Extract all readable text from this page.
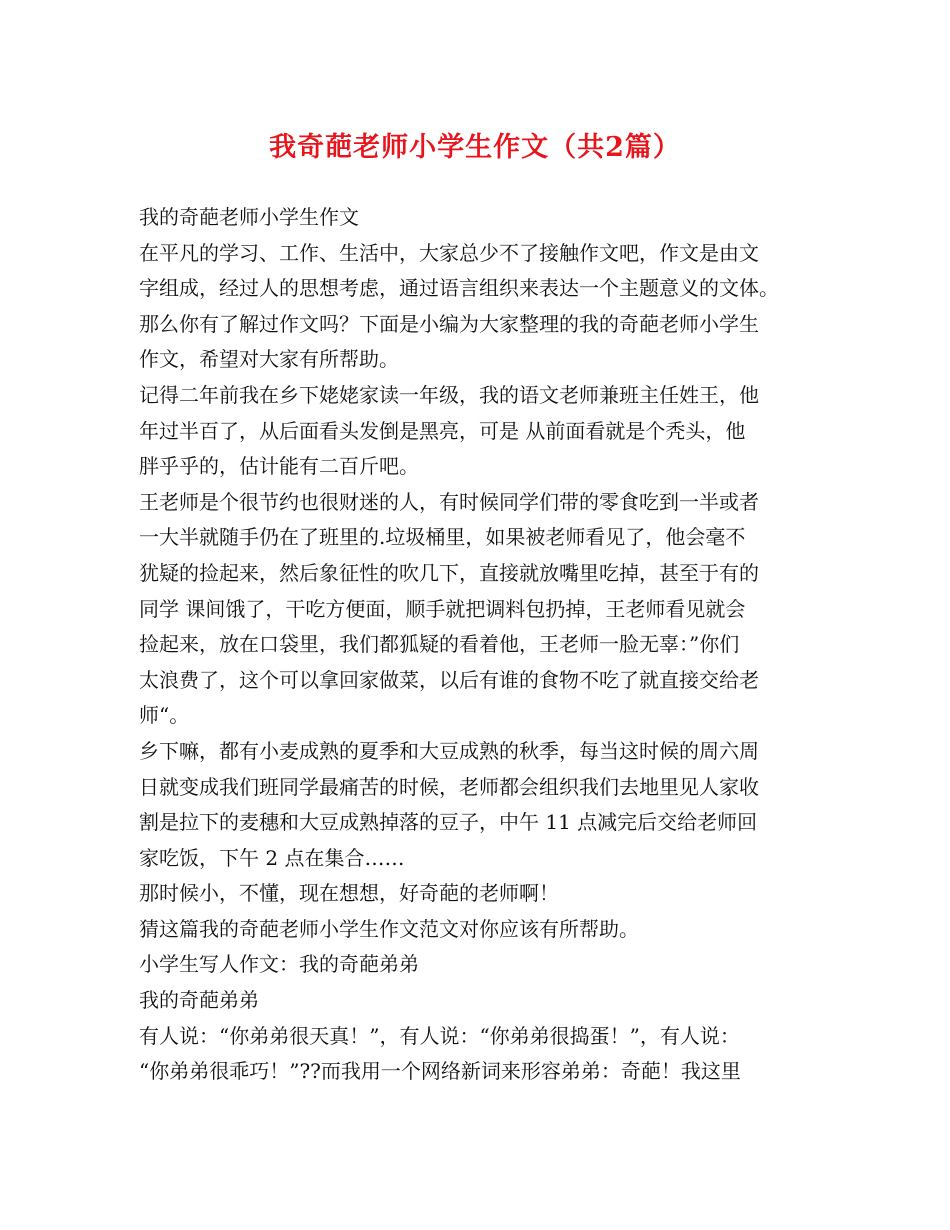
我奇葩老师小学生作文（共2篇）
我的奇葩老师小学生作文
在平凡的学习、工作、生活中，大家总少不了接触作文吧，作文是由文
字组成，经过人的思想考虑，通过语言组织来表达一个主题意义的文体。
那么你有了解过作文吗？下面是小编为大家整理的我的奇葩老师小学生
作文，希望对大家有所帮助。
记得二年前我在乡下姥姥家读一年级，我的语文老师兼班主任姓王，他
年过半百了，从后面看头发倒是黑亮，可是 从前面看就是个秃头，他
胖乎乎的，估计能有二百斤吧。
王老师是个很节约也很财迷的人，有时候同学们带的零食吃到一半或者
一大半就随手仍在了班里的.垃圾桶里，如果被老师看见了，他会毫不
犹疑的捡起来，然后象征性的吹几下，直接就放嘴里吃掉，甚至于有的
同学 课间饿了，干吃方便面，顺手就把调料包扔掉，王老师看见就会
捡起来，放在口袋里，我们都狐疑的看着他，王老师一脸无辜：”你们
太浪费了，这个可以拿回家做菜，以后有谁的食物不吃了就直接交给老
师“。
乡下嘛，都有小麦成熟的夏季和大豆成熟的秋季，每当这时候的周六周
日就变成我们班同学最痛苦的时候，老师都会组织我们去地里见人家收
割是拉下的麦穗和大豆成熟掉落的豆子，中午 11 点减完后交给老师回
家吃饭，下午 2 点在集合……
那时候小，不懂，现在想想，好奇葩的老师啊！
猜这篇我的奇葩老师小学生作文范文对你应该有所帮助。
小学生写人作文：我的奇葩弟弟
我的奇葩弟弟
有人说：“你弟弟很天真！”，有人说：“你弟弟很捣蛋！”，有人说：
“你弟弟很乖巧！”??而我用一个网络新词来形容弟弟：奇葩！我这里
